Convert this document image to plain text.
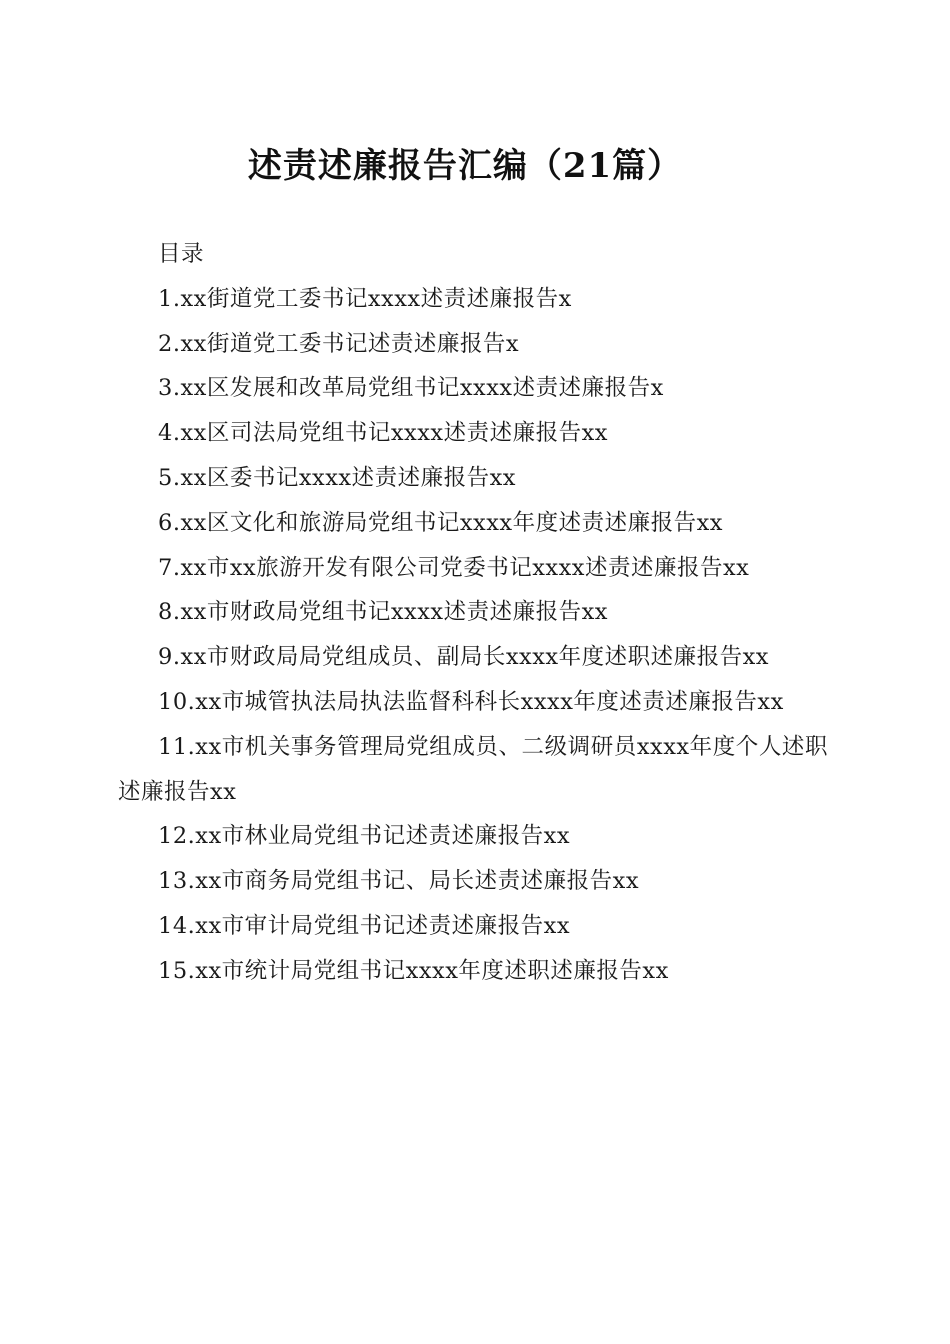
述责述廉报告汇编（21篇）

目录

1.xx街道党工委书记xxxx述责述廉报告x

2.xx街道党工委书记述责述廉报告x

3.xx区发展和改革局党组书记xxxx述责述廉报告x

4.xx区司法局党组书记xxxx述责述廉报告xx

5.xx区委书记xxxx述责述廉报告xx

6.xx区文化和旅游局党组书记xxxx年度述责述廉报告xx

7.xx市xx旅游开发有限公司党委书记xxxx述责述廉报告xx

8.xx市财政局党组书记xxxx述责述廉报告xx

9.xx市财政局局党组成员、副局长xxxx年度述职述廉报告xx

10.xx市城管执法局执法监督科科长xxxx年度述责述廉报告xx

11.xx市机关事务管理局党组成员、二级调研员xxxx年度个人述职述廉报告xx

12.xx市林业局党组书记述责述廉报告xx

13.xx市商务局党组书记、局长述责述廉报告xx

14.xx市审计局党组书记述责述廉报告xx

15.xx市统计局党组书记xxxx年度述职述廉报告xx
